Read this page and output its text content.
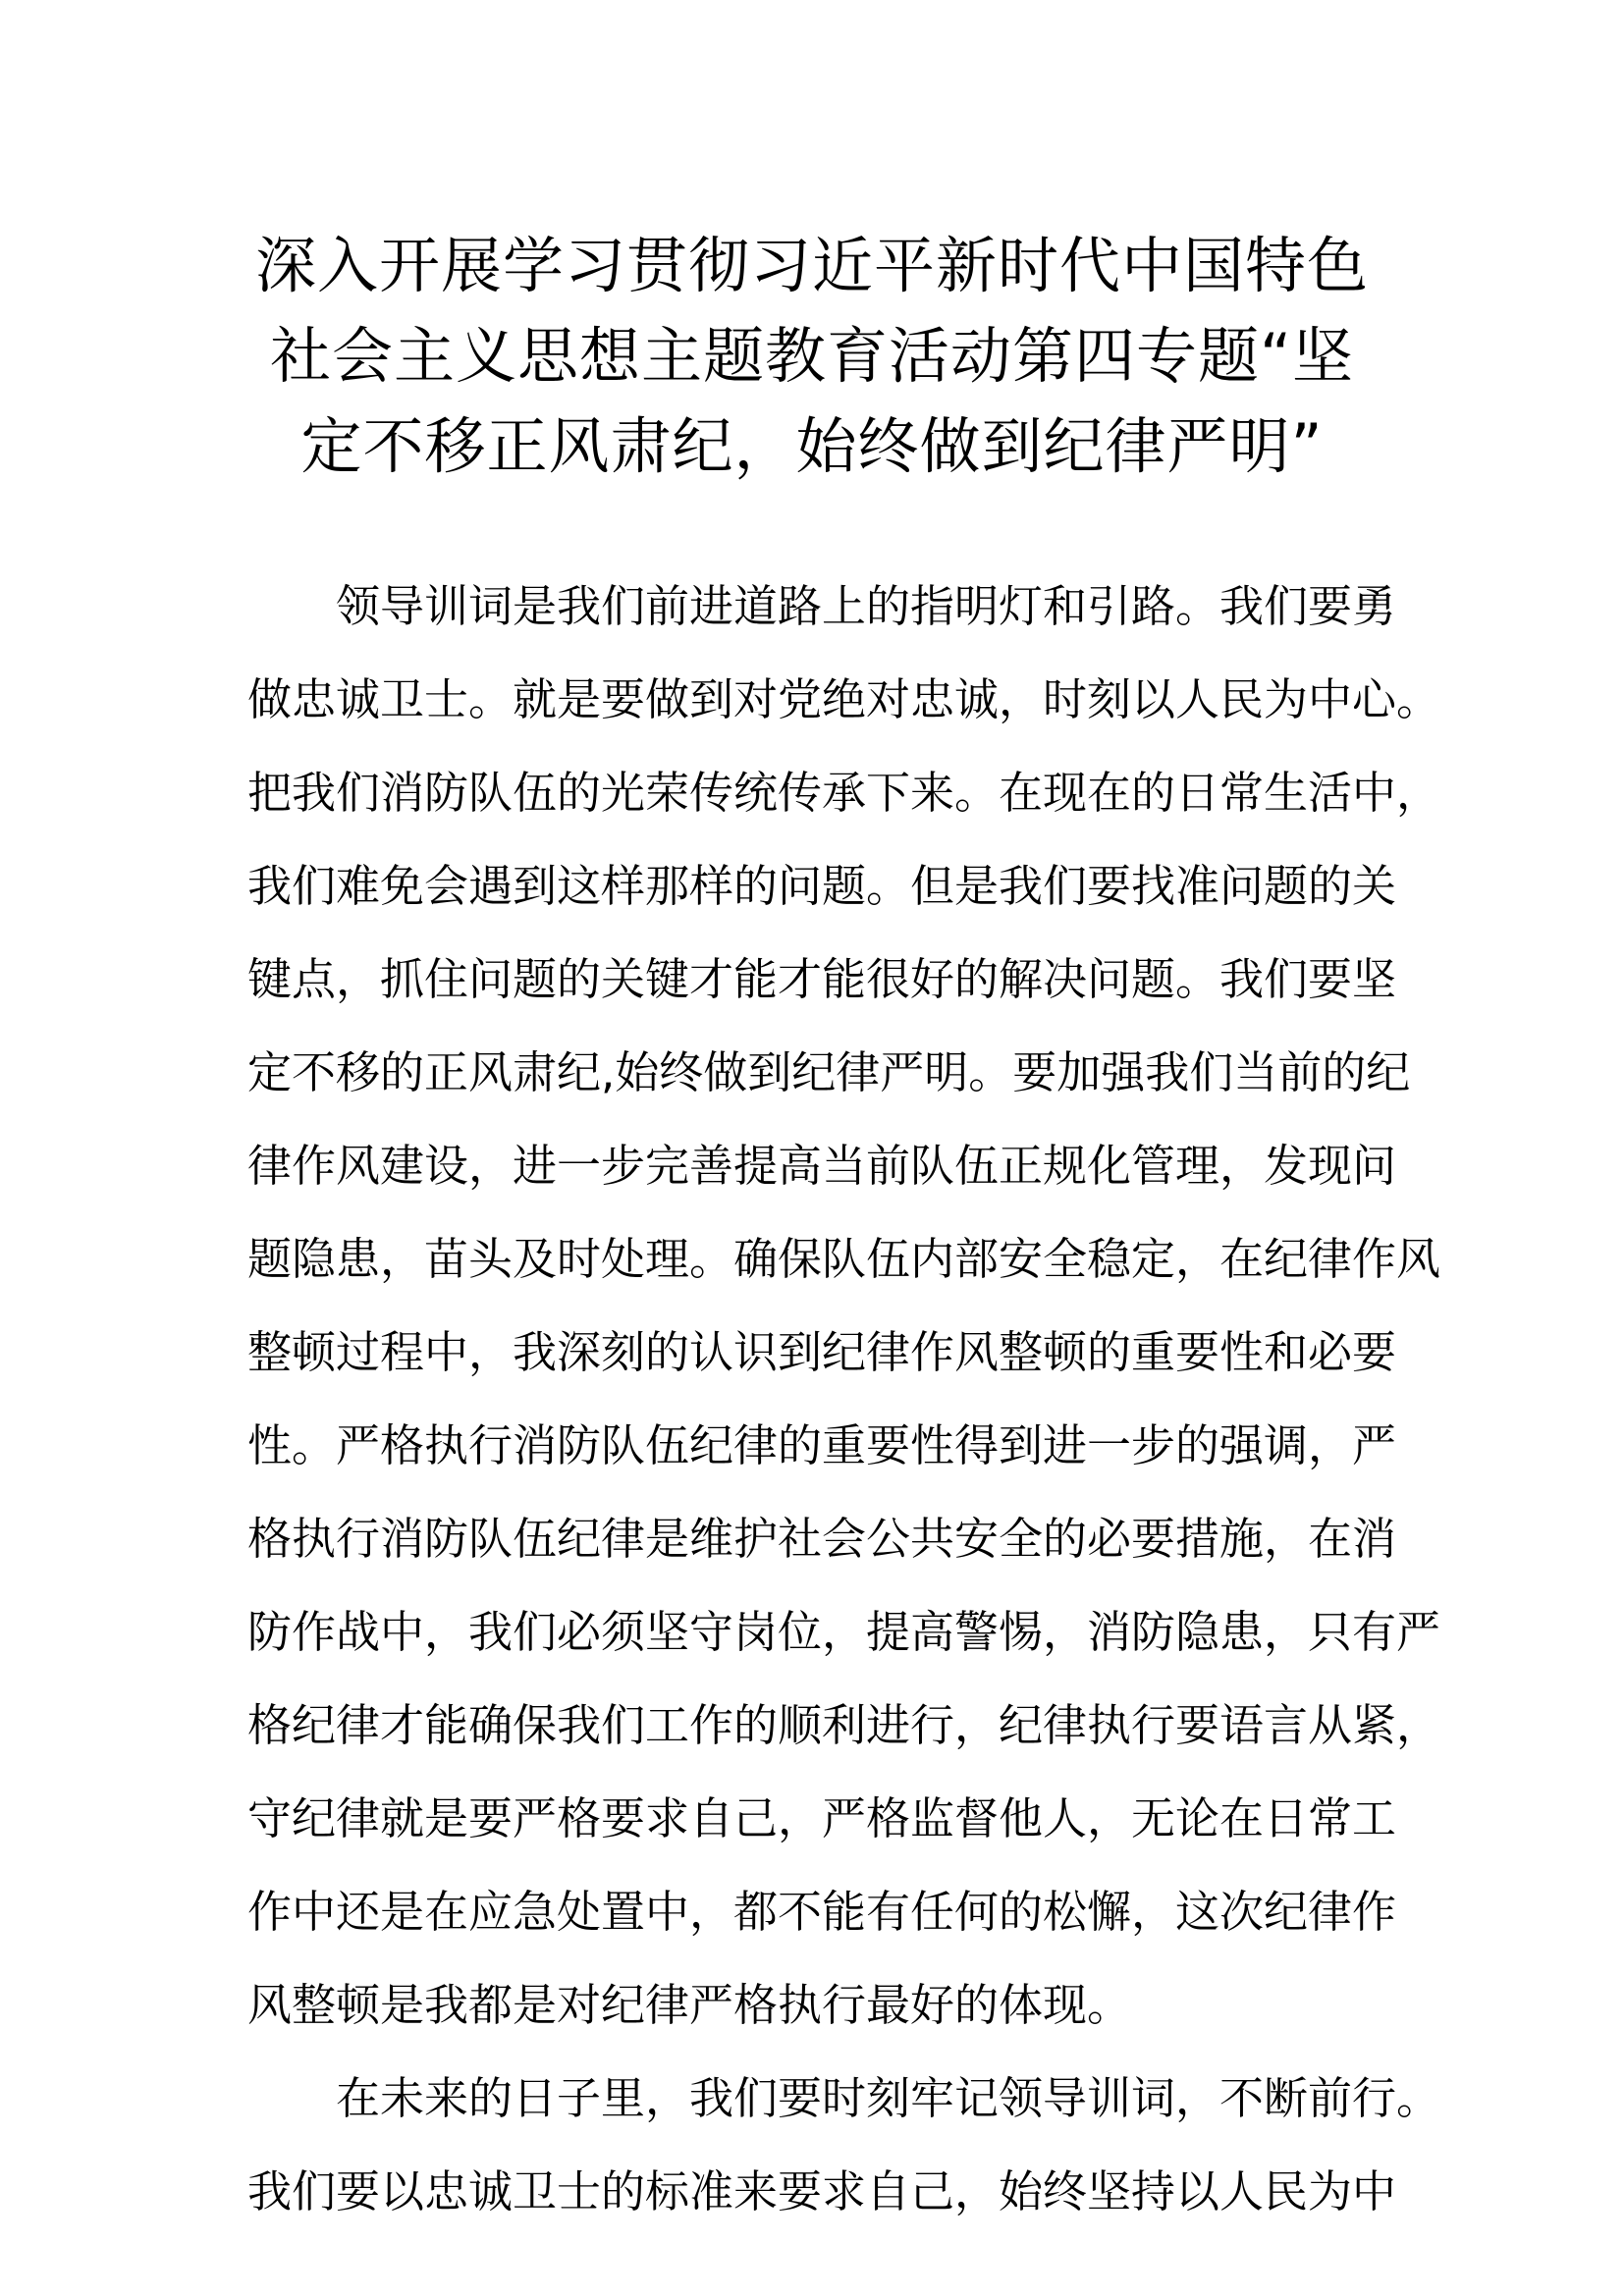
深入开展学习贯彻习近平新时代中国特色
社会主义思想主题教育活动第四专题“坚
定不移正风肃纪，始终做到纪律严明”
领导训词是我们前进道路上的指明灯和引路。我们要勇
做忠诚卫士。就是要做到对党绝对忠诚，时刻以人民为中心。
把我们消防队伍的光荣传统传承下来。在现在的日常生活中，
我们难免会遇到这样那样的问题。但是我们要找准问题的关
键点，抓住问题的关键才能才能很好的解决问题。我们要坚
定不移的正风肃纪,始终做到纪律严明。要加强我们当前的纪
律作风建设，进一步完善提高当前队伍正规化管理，发现问
题隐患，苗头及时处理。确保队伍内部安全稳定，在纪律作风
整顿过程中，我深刻的认识到纪律作风整顿的重要性和必要
性。严格执行消防队伍纪律的重要性得到进一步的强调，严
格执行消防队伍纪律是维护社会公共安全的必要措施，在消
防作战中，我们必须坚守岗位，提高警惕，消防隐患，只有严
格纪律才能确保我们工作的顺利进行，纪律执行要语言从紧，
守纪律就是要严格要求自己，严格监督他人，无论在日常工
作中还是在应急处置中，都不能有任何的松懈，这次纪律作
风整顿是我都是对纪律严格执行最好的体现。
在未来的日子里，我们要时刻牢记领导训词，不断前行。
我们要以忠诚卫士的标准来要求自己，始终坚持以人民为中
